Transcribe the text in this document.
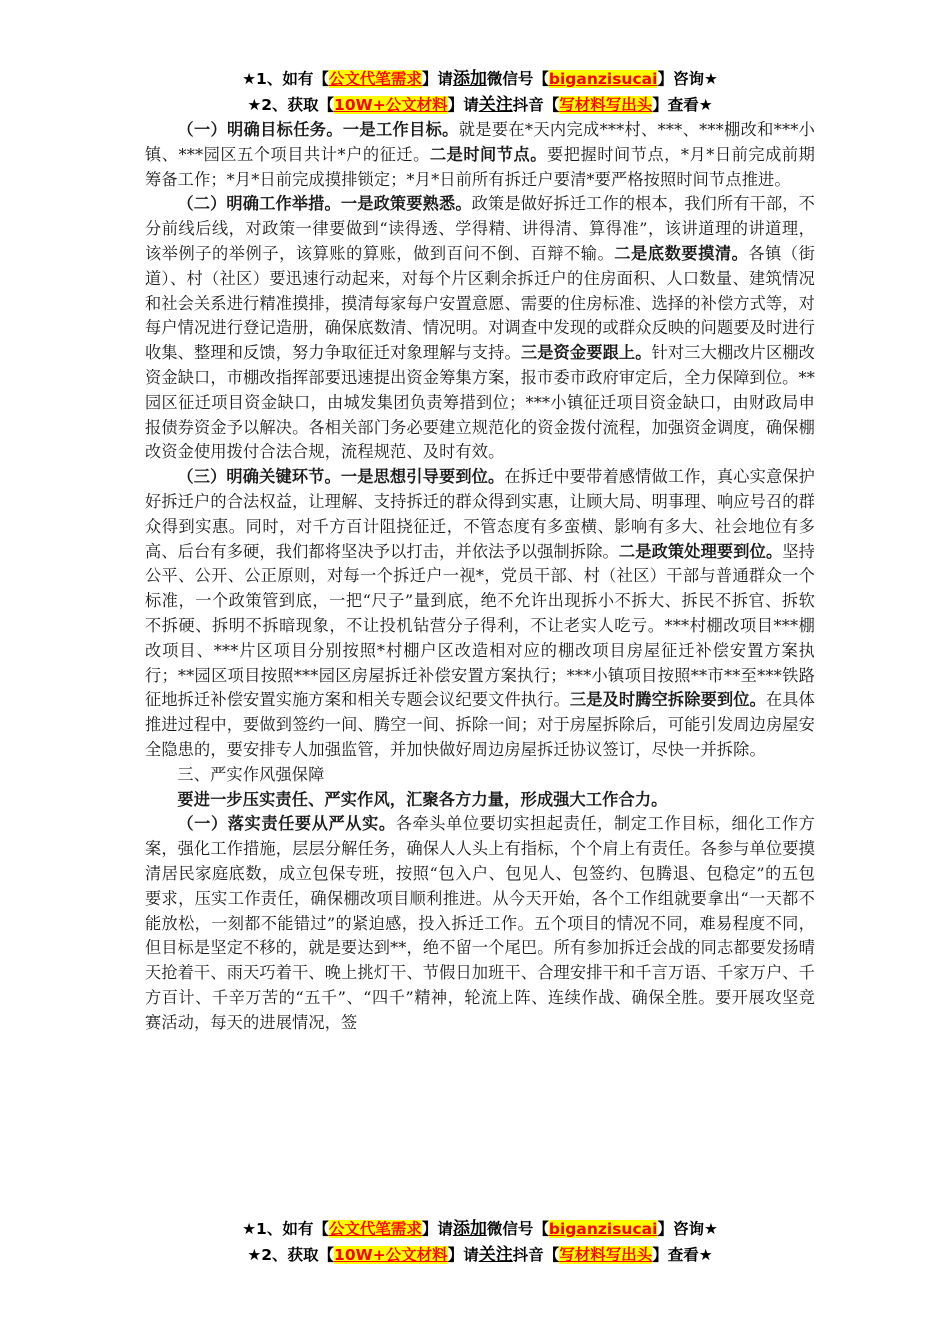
★1、如有【公文代笔需求】请添加微信号【biganzisucai】咨询★
★2、获取【10W+公文材料】请关注抖音【写材料写出头】查看★

（一）明确目标任务。一是工作目标。就是要在*天内完成***村、***、***棚改和***小镇、***园区五个项目共计*户的征迁。二是时间节点。要把握时间节点，*月*日前完成前期筹备工作；*月*日前完成摸排锁定；*月*日前所有拆迁户要清*要严格按照时间节点推进。

（二）明确工作举措。一是政策要熟悉。政策是做好拆迁工作的根本，我们所有干部，不分前线后线，对政策一律要做到“读得透、学得精、讲得清、算得准”，该讲道理的讲道理，该举例子的举例子，该算账的算账，做到百问不倒、百辩不输。二是底数要摸清。各镇（街道）、村（社区）要迅速行动起来，对每个片区剩余拆迁户的住房面积、人口数量、建筑情况和社会关系进行精准摸排，摸清每家每户安置意愿、需要的住房标准、选择的补偿方式等，对每户情况进行登记造册，确保底数清、情况明。对调查中发现的或群众反映的问题要及时进行收集、整理和反馈，努力争取征迁对象理解与支持。三是资金要跟上。针对三大棚改片区棚改资金缺口，市棚改指挥部要迅速提出资金筹集方案，报市委市政府审定后，全力保障到位。**园区征迁项目资金缺口，由城发集团负责筹措到位；***小镇征迁项目资金缺口，由财政局申报债券资金予以解决。各相关部门务必要建立规范化的资金拨付流程，加强资金调度，确保棚改资金使用拨付合法合规，流程规范、及时有效。

（三）明确关键环节。一是思想引导要到位。在拆迁中要带着感情做工作，真心实意保护好拆迁户的合法权益，让理解、支持拆迁的群众得到实惠，让顾大局、明事理、响应号召的群众得到实惠。同时，对千方百计阻挠征迁，不管态度有多蛮横、影响有多大、社会地位有多高、后台有多硬，我们都将坚决予以打击，并依法予以强制拆除。二是政策处理要到位。坚持公平、公开、公正原则，对每一个拆迁户一视*，党员干部、村（社区）干部与普通群众一个标准，一个政策管到底，一把“尺子”量到底，绝不允许出现拆小不拆大、拆民不拆官、拆软不拆硬、拆明不拆暗现象，不让投机钻营分子得利，不让老实人吃亏。***村棚改项目***棚改项目、***片区项目分别按照*村棚户区改造相对应的棚改项目房屋征迁补偿安置方案执行；**园区项目按照***园区房屋拆迁补偿安置方案执行；***小镇项目按照**市**至***铁路征地拆迁补偿安置实施方案和相关专题会议纪要文件执行。三是及时腾空拆除要到位。在具体推进过程中，要做到签约一间、腾空一间、拆除一间；对于房屋拆除后，可能引发周边房屋安全隐患的，要安排专人加强监管，并加快做好周边房屋拆迁协议签订，尽快一并拆除。

三、严实作风强保障

要进一步压实责任、严实作风，汇聚各方力量，形成强大工作合力。

（一）落实责任要从严从实。各牵头单位要切实担起责任，制定工作目标，细化工作方案，强化工作措施，层层分解任务，确保人人头上有指标，个个肩上有责任。各参与单位要摸清居民家庭底数，成立包保专班，按照“包入户、包见人、包签约、包腾退、包稳定”的五包要求，压实工作责任，确保棚改项目顺利推进。从今天开始，各个工作组就要拿出“一天都不能放松，一刻都不能错过”的紧迫感，投入拆迁工作。五个项目的情况不同，难易程度不同，但目标是坚定不移的，就是要达到**，绝不留一个尾巴。所有参加拆迁会战的同志都要发扬晴天抢着干、雨天巧着干、晚上挑灯干、节假日加班干、合理安排干和千言万语、千家万户、千方百计、千辛万苦的“五千”、“四千”精神，轮流上阵、连续作战、确保全胜。要开展攻坚竞赛活动，每天的进展情况，签

★1、如有【公文代笔需求】请添加微信号【biganzisucai】咨询★
★2、获取【10W+公文材料】请关注抖音【写材料写出头】查看★
